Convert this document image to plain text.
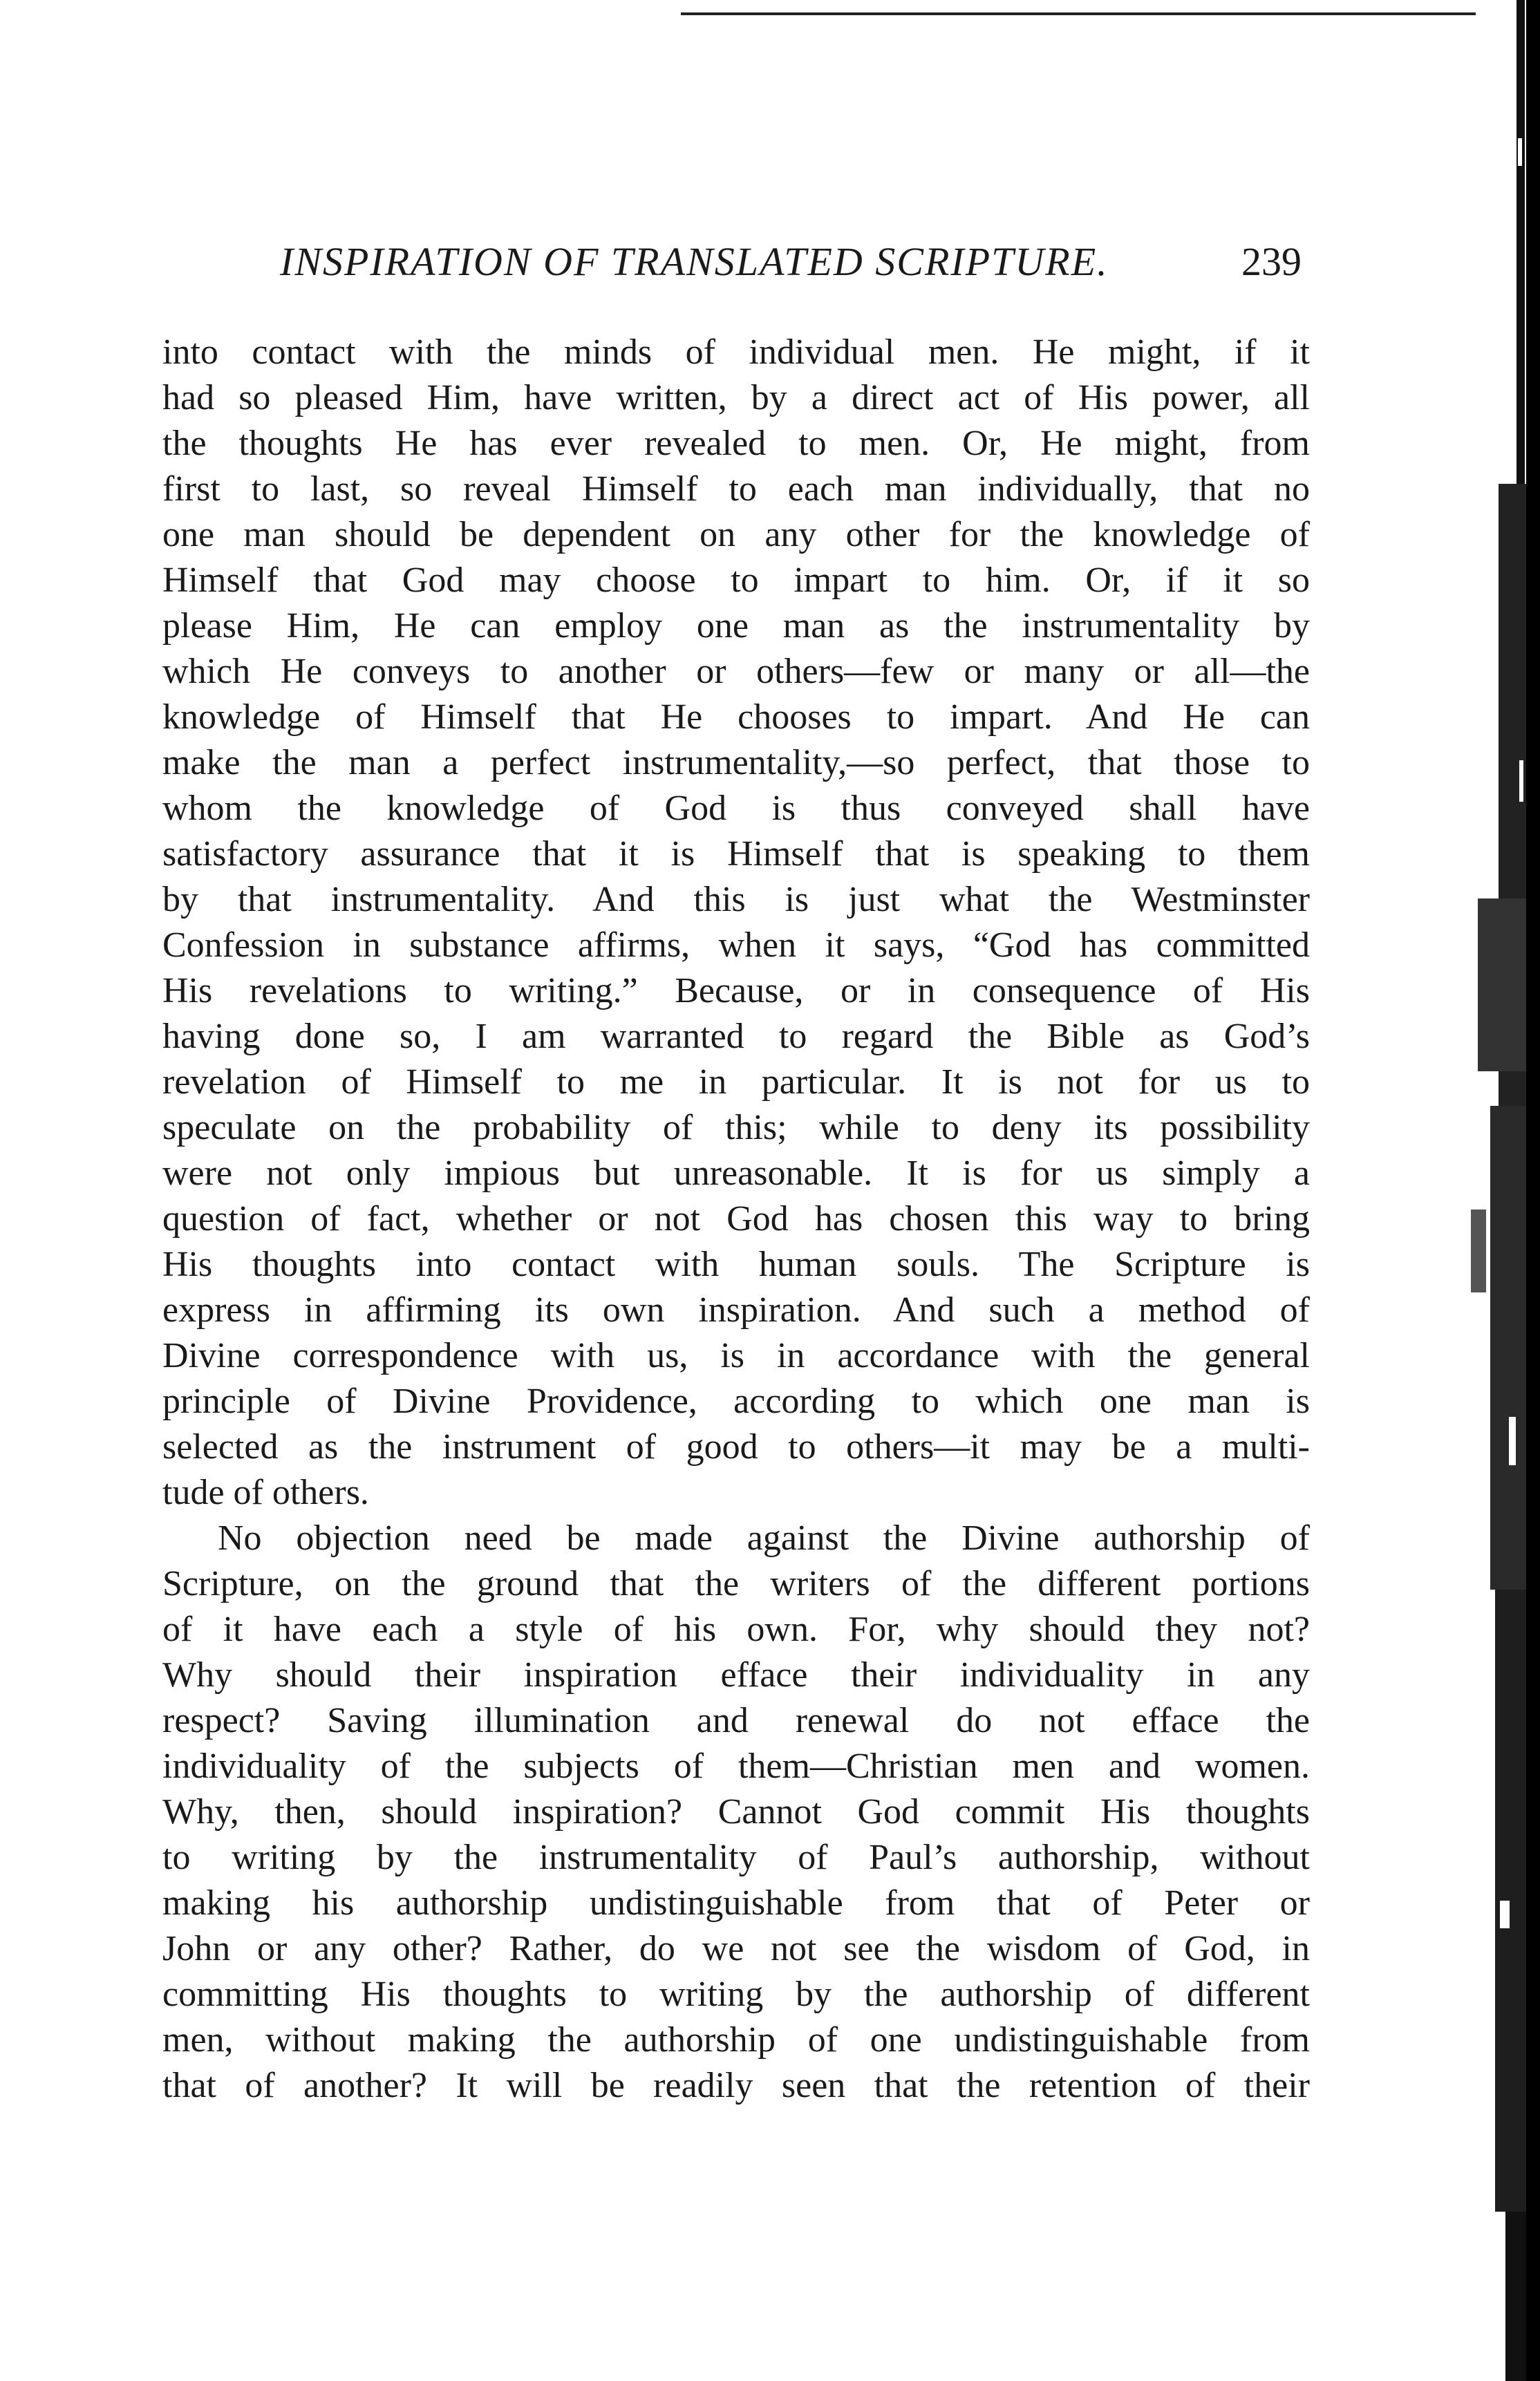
INSPIRATION OF TRANSLATED SCRIPTURE.	239

into contact with the minds of individual men. He might, if it

had so pleased Him, have written, by a direct act of His power, all

the thoughts He has ever revealed to men. Or, He might, from

first to last, so reveal Himself to each man individually, that no

one man should be dependent on any other for the knowledge of

Himself that God may choose to impart to him. Or, if it so

please Him, He can employ one man as the instrumentality by

which He conveys to another or others—few or many or all—the

knowledge of Himself that He chooses to impart. And He can

make the man a perfect instrumentality,—so perfect, that those to

whom the knowledge of God is thus conveyed shall have

satisfactory assurance that it is Himself that is speaking to them

by that instrumentality. And this is just what the Westminster

Confession in substance affirms, when it says, “God has committed

His revelations to writing.” Because, or in consequence of His

having done so, I am warranted to regard the Bible as God’s

revelation of Himself to me in particular. It is not for us to

speculate on the probability of this; while to deny its possibility

were not only impious but unreasonable. It is for us simply a

question of fact, whether or not God has chosen this way to bring

His thoughts into contact with human souls. The Scripture is

express in affirming its own inspiration. And such a method of

Divine correspondence with us, is in accordance with the general

principle of Divine Providence, according to which one man is

selected as the instrument of good to others—it may be a multi-

tude of others.

No objection need be made against the Divine authorship of

Scripture, on the ground that the writers of the different portions

of it have each a style of his own. For, why should they not?

Why should their inspiration efface their individuality in any

respect? Saving illumination and renewal do not efface the

individuality of the subjects of them—Christian men and women.

Why, then, should inspiration? Cannot God commit His thoughts

to writing by the instrumentality of Paul’s authorship, without

making his authorship undistinguishable from that of Peter or

John or any other? Rather, do we not see the wisdom of God, in

committing His thoughts to writing by the authorship of different

men, without making the authorship of one undistinguishable from

that of another? It will be readily seen that the retention of their
